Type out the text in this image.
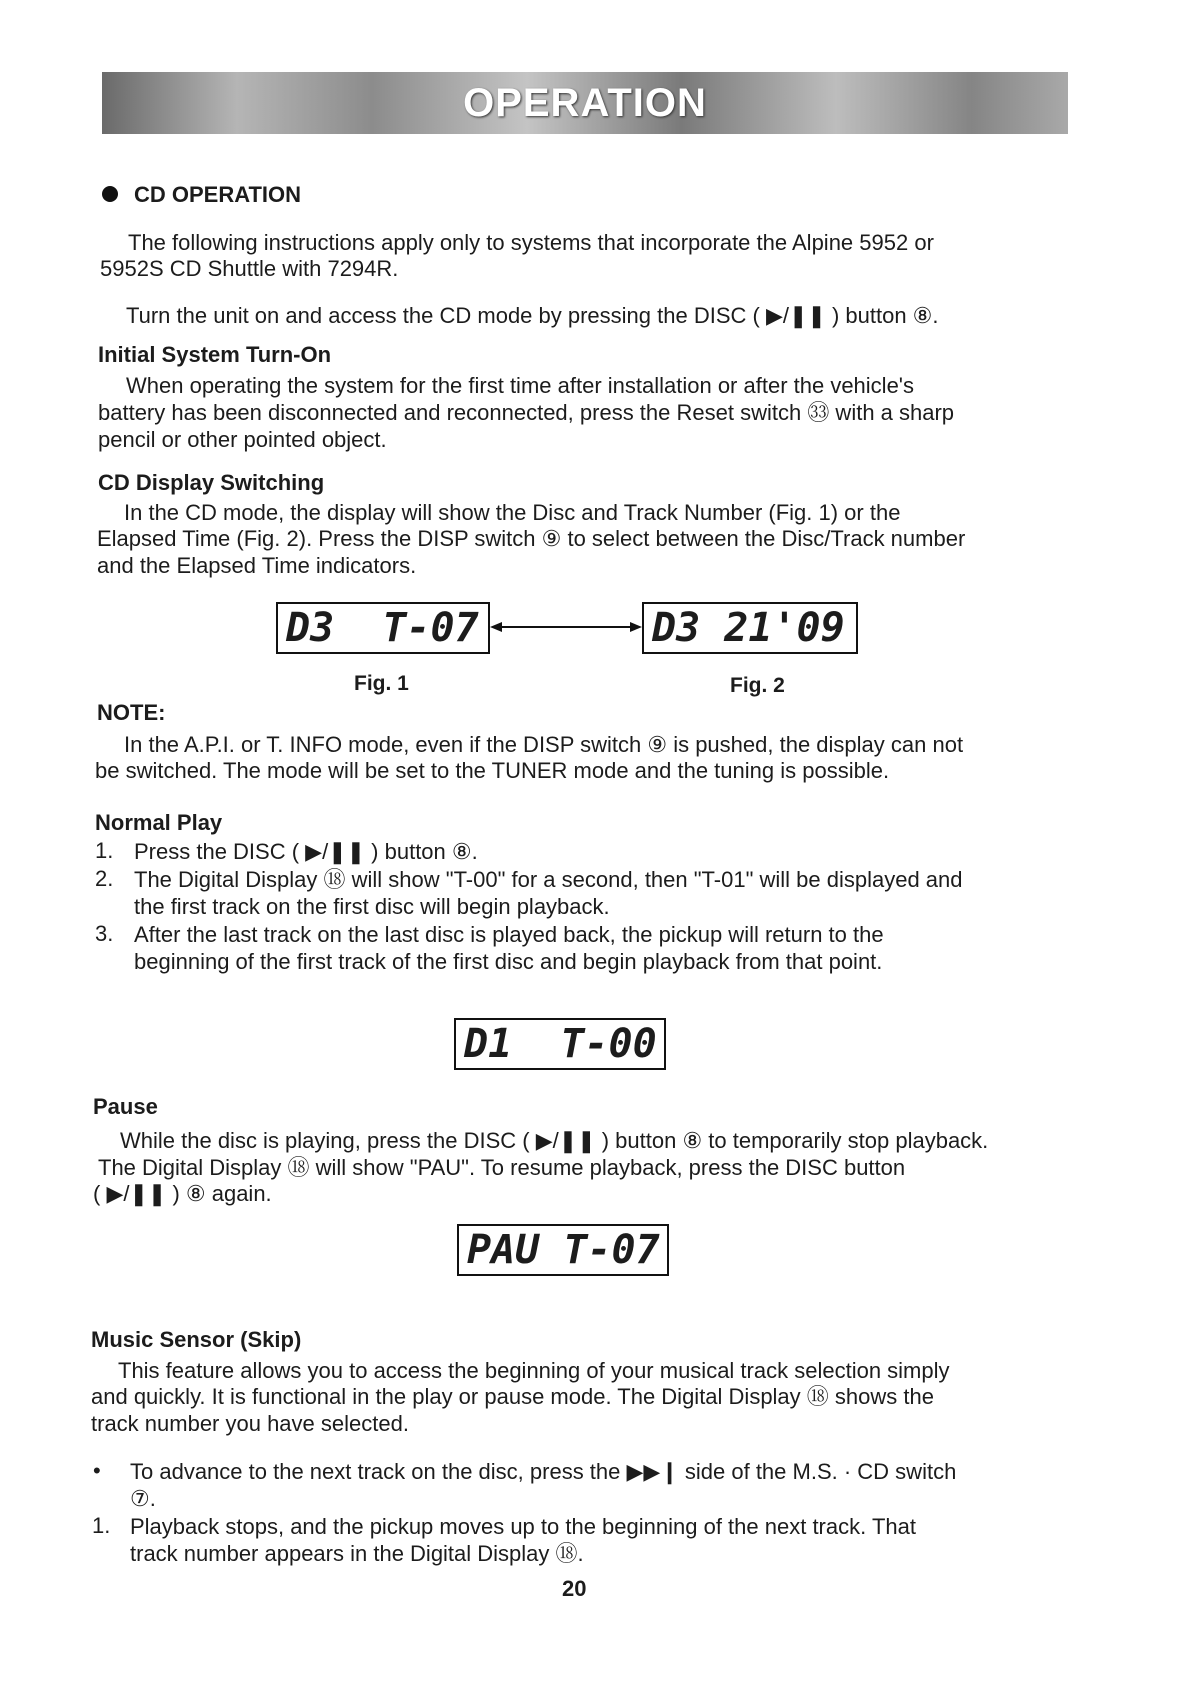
OPERATION

CD OPERATION

The following instructions apply only to systems that incorporate the Alpine 5952 or

5952S CD Shuttle with 7294R.

Turn the unit on and access the CD mode by pressing the DISC ( ▶/❚❚ ) button ⑧.

Initial System Turn-On

When operating the system for the first time after installation or after the vehicle's

battery has been disconnected and reconnected, press the Reset switch ㉝ with a sharp

pencil or other pointed object.

CD Display Switching

In the CD mode, the display will show the Disc and Track Number (Fig. 1) or the

Elapsed Time (Fig. 2). Press the DISP switch ⑨ to select between the Disc/Track number

and the Elapsed Time indicators.

D3  T-07	D3 21'09

Fig. 1	Fig. 2

NOTE:

In the A.P.I. or T. INFO mode, even if the DISP switch ⑨ is pushed, the display can not

be switched. The mode will be set to the TUNER mode and the tuning is possible.

Normal Play

1. Press the DISC ( ▶/❚❚ ) button ⑧.

2. The Digital Display ⑱ will show "T-00" for a second, then "T-01" will be displayed and

the first track on the first disc will begin playback.

3. After the last track on the last disc is played back, the pickup will return to the

beginning of the first track of the first disc and begin playback from that point.

D1  T-00

Pause

While the disc is playing, press the DISC ( ▶/❚❚ ) button ⑧ to temporarily stop playback.

The Digital Display ⑱ will show "PAU". To resume playback, press the DISC button

( ▶/❚❚ ) ⑧ again.

PAU T-07

Music Sensor (Skip)

This feature allows you to access the beginning of your musical track selection simply

and quickly. It is functional in the play or pause mode. The Digital Display ⑱ shows the

track number you have selected.

• To advance to the next track on the disc, press the ▶▶❙ side of the M.S. · CD switch

⑦.

1. Playback stops, and the pickup moves up to the beginning of the next track. That

track number appears in the Digital Display ⑱.

20
